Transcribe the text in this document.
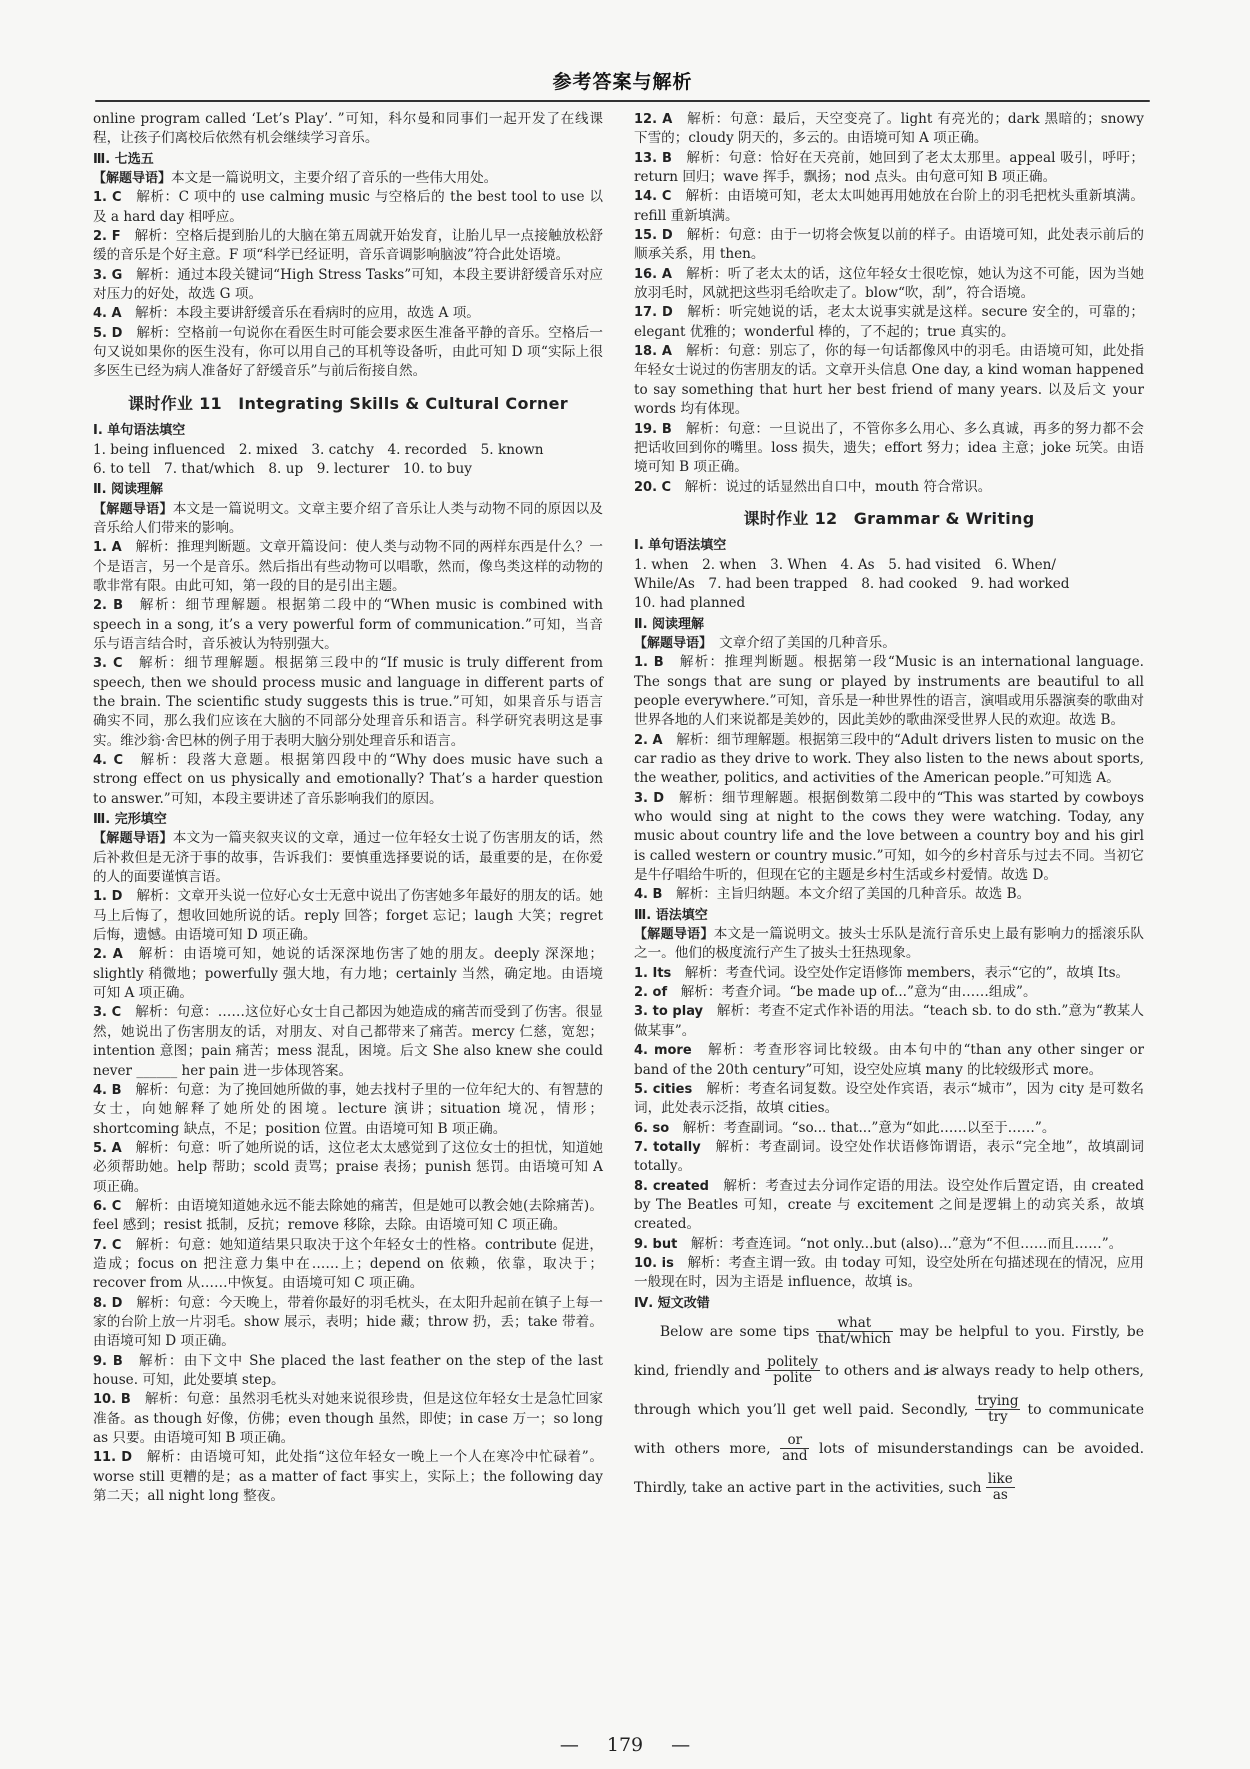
参考答案与解析

online program called ‘Let’s Play’. ”可知，科尔曼和同事们一起开发了在线课程，让孩子们离校后依然有机会继续学习音乐。

Ⅲ. 七选五

【解题导语】本文是一篇说明文，主要介绍了音乐的一些伟大用处。

1. C　 解析：C 项中的 use calming music 与空格后的 the best tool to use 以及 a hard day 相呼应。

2. F　 解析：空格后提到胎儿的大脑在第五周就开始发育，让胎儿早一点接触放松舒缓的音乐是个好主意。F 项“科学已经证明，音乐音调影响脑波”符合此处语境。

3. G　 解析：通过本段关键词“High Stress Tasks”可知，本段主要讲舒缓音乐对应对压力的好处，故选 G 项。

4. A　 解析：本段主要讲舒缓音乐在看病时的应用，故选 A 项。

5. D　 解析：空格前一句说你在看医生时可能会要求医生准备平静的音乐。空格后一句又说如果你的医生没有，你可以用自己的耳机等设备听，由此可知 D 项“实际上很多医生已经为病人准备好了舒缓音乐”与前后衔接自然。

课时作业 11　Integrating Skills & Cultural Corner
Ⅰ. 单句语法填空

1. being influenced　2. mixed　3. catchy　4. recorded　5. known

6. to tell　7. that/which　8. up　9. lecturer　10. to buy

Ⅱ. 阅读理解

【解题导语】本文是一篇说明文。文章主要介绍了音乐让人类与动物不同的原因以及音乐给人们带来的影响。

1. A　 解析：推理判断题。文章开篇设问：使人类与动物不同的两样东西是什么？一个是语言，另一个是音乐。然后指出有些动物可以唱歌，然而，像鸟类这样的动物的歌非常有限。由此可知，第一段的目的是引出主题。

2. B　 解析：细节理解题。根据第二段中的“When music is combined with speech in a song, it’s a very powerful form of communication.”可知，当音乐与语言结合时，音乐被认为特别强大。

3. C　 解析：细节理解题。根据第三段中的“If music is truly different from speech, then we should process music and language in different parts of the brain. The scientific study suggests this is true.”可知，如果音乐与语言确实不同，那么我们应该在大脑的不同部分处理音乐和语言。科学研究表明这是事实。维沙翁·舍巴林的例子用于表明大脑分别处理音乐和语言。

4. C　 解析：段落大意题。根据第四段中的“Why does music have such a strong effect on us physically and emotionally? That’s a harder question to answer.”可知，本段主要讲述了音乐影响我们的原因。

Ⅲ. 完形填空

【解题导语】本文为一篇夹叙夹议的文章，通过一位年轻女士说了伤害朋友的话，然后补救但是无济于事的故事，告诉我们：要慎重选择要说的话，最重要的是，在你爱的人的面要谨慎言语。

1. D　 解析：文章开头说一位好心女士无意中说出了伤害她多年最好的朋友的话。她马上后悔了，想收回她所说的话。reply 回答；forget 忘记；laugh 大笑；regret 后悔，遗憾。由语境可知 D 项正确。

2. A　 解析：由语境可知，她说的话深深地伤害了她的朋友。deeply 深深地；slightly 稍微地；powerfully 强大地，有力地；certainly 当然，确定地。由语境可知 A 项正确。

3. C　 解析：句意：……这位好心女士自己都因为她造成的痛苦而受到了伤害。很显然，她说出了伤害朋友的话，对朋友、对自己都带来了痛苦。mercy 仁慈，宽恕；intention 意图；pain 痛苦；mess 混乱，困境。后文 She also knew she could never ______ her pain 进一步体现答案。

4. B　 解析：句意：为了挽回她所做的事，她去找村子里的一位年纪大的、有智慧的女士，向她解释了她所处的困境。lecture 演讲；situation 境况，情形；shortcoming 缺点，不足；position 位置。由语境可知 B 项正确。

5. A　 解析：句意：听了她所说的话，这位老太太感觉到了这位女士的担忧，知道她必须帮助她。help 帮助；scold 责骂；praise 表扬；punish 惩罚。由语境可知 A 项正确。

6. C　 解析：由语境知道她永远不能去除她的痛苦，但是她可以教会她(去除痛苦)。feel 感到；resist 抵制，反抗；remove 移除，去除。由语境可知 C 项正确。

7. C　 解析：句意：她知道结果只取决于这个年轻女士的性格。contribute 促进，造成；focus on 把注意力集中在……上；depend on 依赖，依靠，取决于；recover from 从……中恢复。由语境可知 C 项正确。

8. D　 解析：句意：今天晚上，带着你最好的羽毛枕头，在太阳升起前在镇子上每一家的台阶上放一片羽毛。show 展示，表明；hide 藏；throw 扔，丢；take 带着。由语境可知 D 项正确。

9. B　 解析：由下文中 She placed the last feather on the step of the last house. 可知，此处要填 step。

10. B　 解析：句意：虽然羽毛枕头对她来说很珍贵，但是这位年轻女士是急忙回家准备。as though 好像，仿佛；even though 虽然，即使；in case 万一；so long as 只要。由语境可知 B 项正确。

11. D　 解析：由语境可知，此处指“这位年轻女一晚上一个人在寒冷中忙碌着”。worse still 更糟的是；as a matter of fact 事实上，实际上；the following day 第二天；all night long 整夜。

12. A　 解析：句意：最后，天空变亮了。light 有亮光的；dark 黑暗的；snowy 下雪的；cloudy 阴天的，多云的。由语境可知 A 项正确。

13. B　 解析：句意：恰好在天亮前，她回到了老太太那里。appeal 吸引，呼吁；return 回归；wave 挥手，飘扬；nod 点头。由句意可知 B 项正确。

14. C　 解析：由语境可知，老太太叫她再用她放在台阶上的羽毛把枕头重新填满。refill 重新填满。

15. D　 解析：句意：由于一切将会恢复以前的样子。由语境可知，此处表示前后的顺承关系，用 then。

16. A　 解析：听了老太太的话，这位年轻女士很吃惊，她认为这不可能，因为当她放羽毛时，风就把这些羽毛给吹走了。blow“吹，刮”，符合语境。

17. D　 解析：听完她说的话，老太太说事实就是这样。secure 安全的，可靠的；elegant 优雅的；wonderful 棒的，了不起的；true 真实的。

18. A　 解析：句意：别忘了，你的每一句话都像风中的羽毛。由语境可知，此处指年轻女士说过的伤害朋友的话。文章开头信息 One day, a kind woman happened to say something that hurt her best friend of many years. 以及后文 your words 均有体现。

19. B　 解析：句意：一旦说出了，不管你多么用心、多么真诚，再多的努力都不会把话收回到你的嘴里。loss 损失，遗失；effort 努力；idea 主意；joke 玩笑。由语境可知 B 项正确。

20. C　 解析：说过的话显然出自口中，mouth 符合常识。

课时作业 12　Grammar & Writing
Ⅰ. 单句语法填空

1. when　2. when　3. When　4. As　5. had visited　6. When/

While/As　7. had been trapped　8. had cooked　9. had worked

10. had planned

Ⅱ. 阅读理解

【解题导语】　 文章介绍了美国的几种音乐。

1. B　 解析：推理判断题。根据第一段“Music is an international language. The songs that are sung or played by instruments are beautiful to all people everywhere.”可知，音乐是一种世界性的语言，演唱或用乐器演奏的歌曲对世界各地的人们来说都是美妙的，因此美妙的歌曲深受世界人民的欢迎。故选 B。

2. A　 解析：细节理解题。根据第三段中的“Adult drivers listen to music on the car radio as they drive to work. They also listen to the news about sports, the weather, politics, and activities of the American people.”可知选 A。

3. D　 解析：细节理解题。根据倒数第二段中的“This was started by cowboys who would sing at night to the cows they were watching. Today, any music about country life and the love between a country boy and his girl is called western or country music.”可知，如今的乡村音乐与过去不同。当初它是牛仔唱给牛听的，但现在它的主题是乡村生活或乡村爱情。故选 D。

4. B　 解析：主旨归纳题。本文介绍了美国的几种音乐。故选 B。

Ⅲ. 语法填空

【解题导语】本文是一篇说明文。披头士乐队是流行音乐史上最有影响力的摇滚乐队之一。他们的极度流行产生了披头士狂热现象。

1. Its　 解析：考查代词。设空处作定语修饰 members，表示“它的”，故填 Its。

2. of　 解析：考查介词。“be made up of...”意为“由……组成”。

3. to play　 解析：考查不定式作补语的用法。“teach sb. to do sth.”意为“教某人做某事”。

4. more　 解析：考查形容词比较级。由本句中的“than any other singer or band of the 20th century”可知，设空处应填 many 的比较级形式 more。

5. cities　 解析：考查名词复数。设空处作宾语，表示“城市”，因为 city 是可数名词，此处表示泛指，故填 cities。

6. so　 解析：考查副词。“so... that...”意为“如此……以至于……”。

7. totally　 解析：考查副词。设空处作状语修饰谓语，表示“完全地”，故填副词 totally。

8. created　 解析：考查过去分词作定语的用法。设空处作后置定语，由 created by The Beatles 可知，create 与 excitement 之间是逻辑上的动宾关系，故填 created。

9. but　 解析：考查连词。“not only...but (also)...”意为“不但……而且……”。

10. is　 解析：考查主谓一致。由 today 可知，设空处所在句描述现在的情况，应用一般现在时，因为主语是 influence，故填 is。

Ⅳ. 短文改错

Below are some tips
what
that/which may be helpful to you. Firstly, be kind, friendly and
politely
polite to others and is always ready to help others, through which you’ll get well paid. Secondly,
trying
try	to communicate with others more,
or
and lots of misunderstandings can be avoided. Thirdly, take an active part in the activities, such
like
as

— 179 —
